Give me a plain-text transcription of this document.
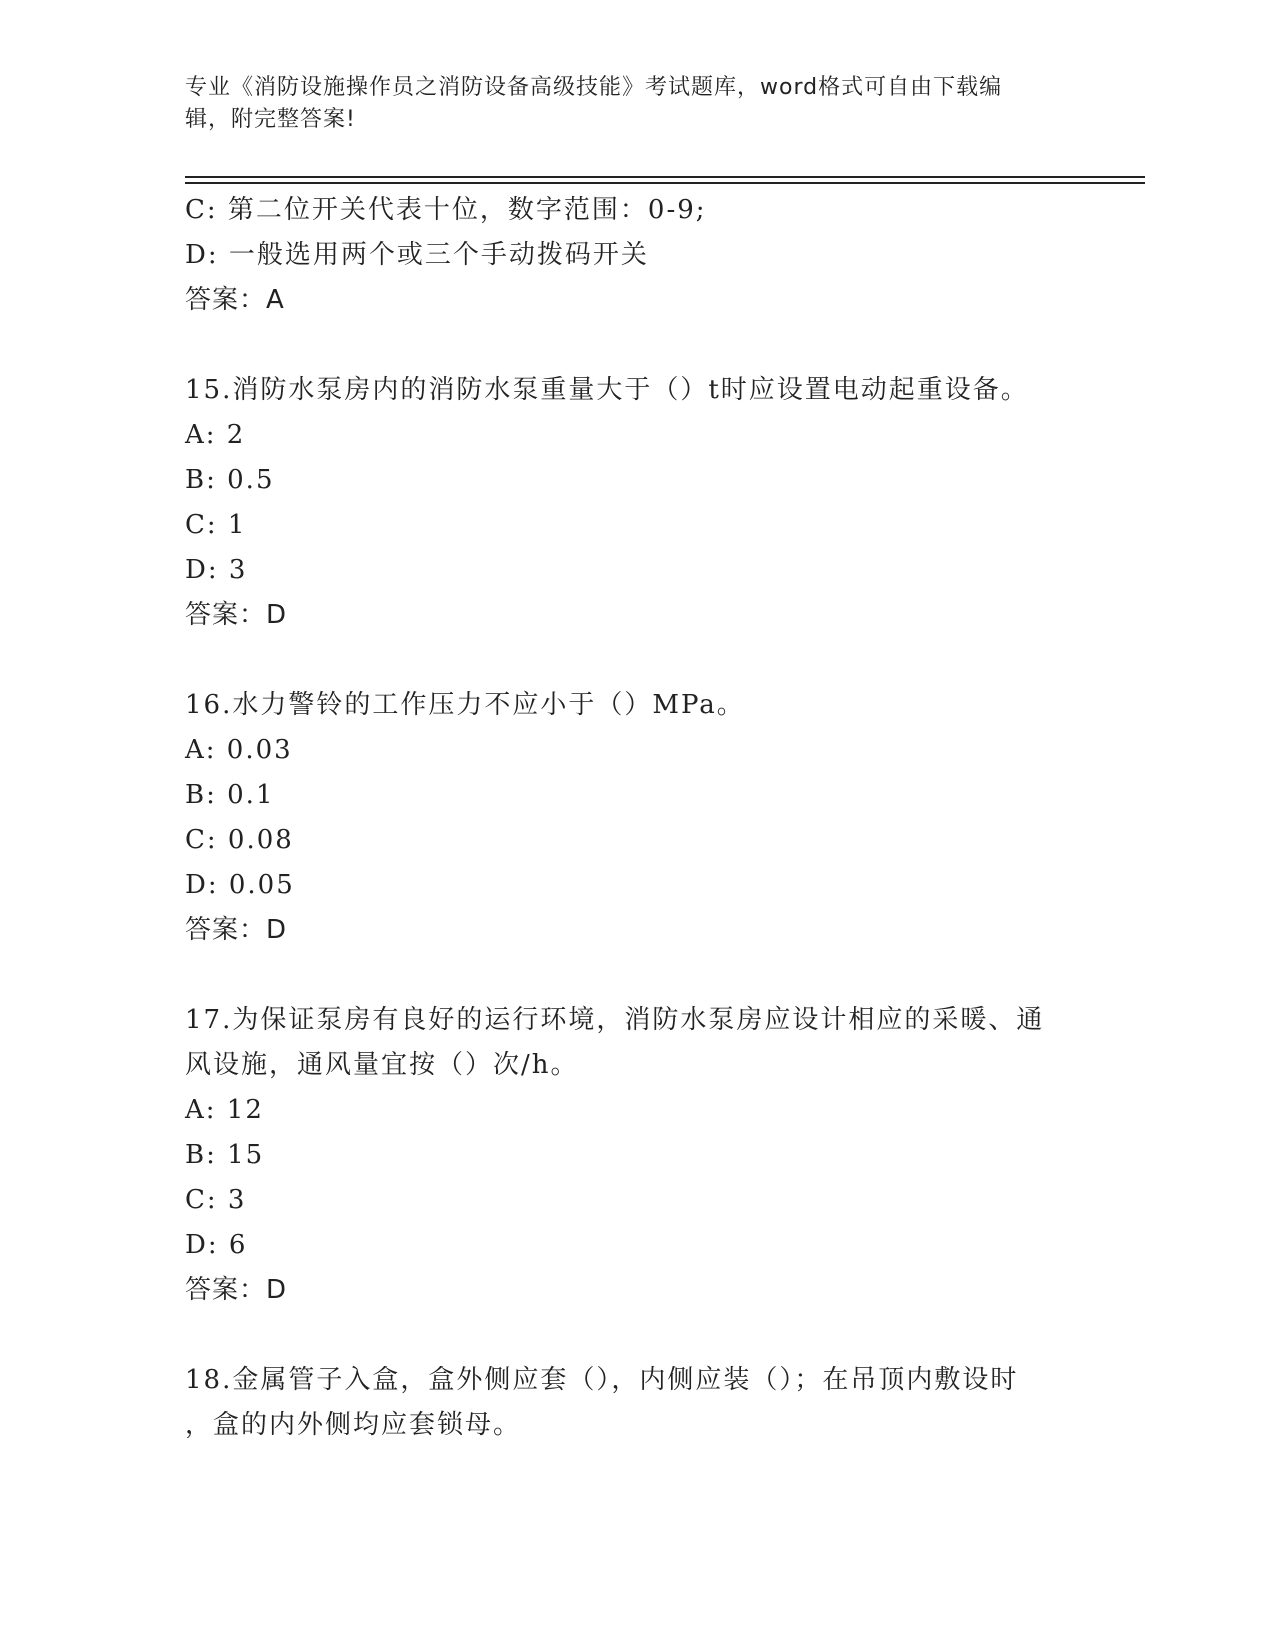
专业《消防设施操作员之消防设备高级技能》考试题库，word格式可自由下载编
辑，附完整答案!
C: 第二位开关代表十位，数字范围：0-9;
D: 一般选用两个或三个手动拨码开关
答案：A
15.消防水泵房内的消防水泵重量大于（）t时应设置电动起重设备。
A: 2
B: 0.5
C: 1
D: 3
答案：D
16.水力警铃的工作压力不应小于（）MPa。
A: 0.03
B: 0.1
C: 0.08
D: 0.05
答案：D
17.为保证泵房有良好的运行环境，消防水泵房应设计相应的采暖、通
风设施，通风量宜按（）次/h。
A: 12
B: 15
C: 3
D: 6
答案：D
18.金属管子入盒，盒外侧应套（），内侧应装（）；在吊顶内敷设时
，盒的内外侧均应套锁母。
